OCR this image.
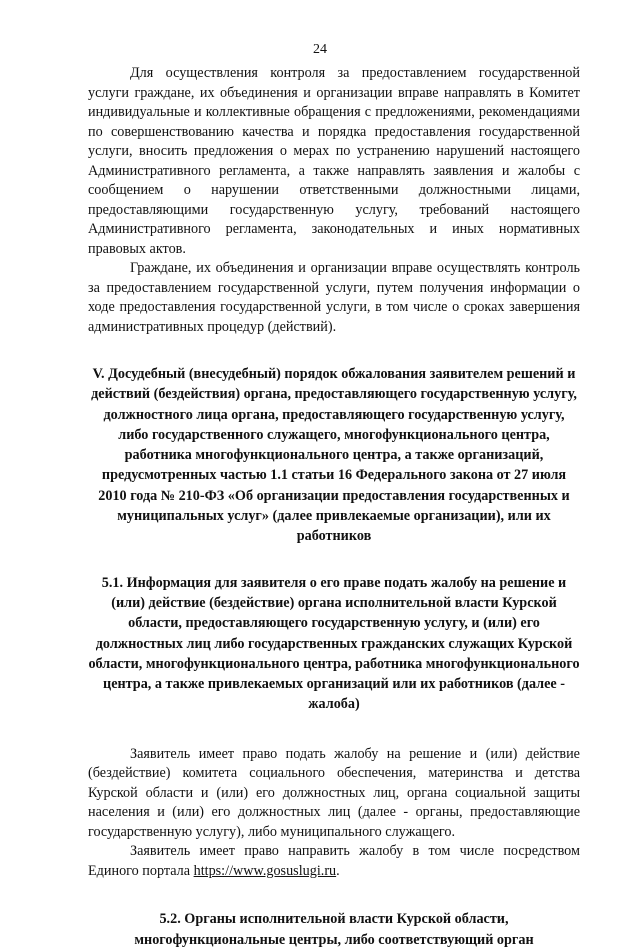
24

Для осуществления контроля за предоставлением государственной услуги граждане, их объединения и организации вправе направлять в Комитет индивидуальные и коллективные обращения с предложениями, рекомендациями по совершенствованию качества и порядка предоставления государственной услуги, вносить предложения о мерах по устранению нарушений настоящего Административного регламента, а также направлять заявления и жалобы с сообщением о нарушении ответственными должностными лицами, предоставляющими государственную услугу, требований настоящего Административного регламента, законодательных и иных нормативных правовых актов.

Граждане, их объединения и организации вправе осуществлять контроль за предоставлением государственной услуги, путем получения информации о ходе предоставления государственной услуги, в том числе о сроках завершения административных процедур (действий).

V. Досудебный (внесудебный) порядок обжалования заявителем решений и действий (бездействия) органа, предоставляющего государственную услугу, должностного лица органа, предоставляющего государственную услугу, либо государственного служащего, многофункционального центра, работника многофункционального центра, а также организаций, предусмотренных частью 1.1 статьи 16 Федерального закона от 27 июля 2010 года № 210-ФЗ «Об организации предоставления государственных и муниципальных услуг» (далее привлекаемые организации), или их работников

5.1. Информация для заявителя о его праве подать жалобу на решение и (или) действие (бездействие) органа исполнительной власти Курской области, предоставляющего государственную услугу, и (или) его должностных лиц либо государственных гражданских служащих Курской области, многофункционального центра, работника многофункционального центра, а также привлекаемых организаций или их работников (далее - жалоба)

Заявитель имеет право подать жалобу на решение и (или) действие (бездействие) комитета социального обеспечения, материнства и детства Курской области и (или) его должностных лиц, органа социальной защиты населения и (или) его должностных лиц (далее - органы, предоставляющие государственную услугу), либо муниципального служащего.

Заявитель имеет право направить жалобу в том числе посредством Единого портала https://www.gosuslugi.ru.

5.2. Органы исполнительной власти Курской области, многофункциональные центры, либо соответствующий орган
